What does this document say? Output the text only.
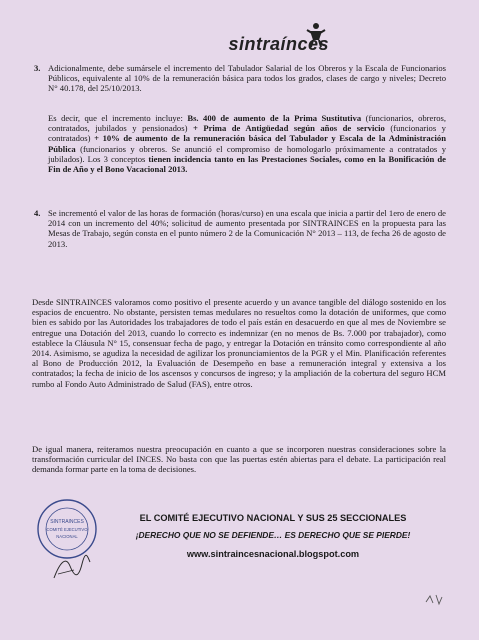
sintraínces
3. Adicionalmente, debe sumársele el incremento del Tabulador Salarial de los Obreros y la Escala de Funcionarios Públicos, equivalente al 10% de la remuneración básica para todos los grados, clases de cargo y niveles; Decreto N° 40.178, del 25/10/2013.
Es decir, que el incremento incluye: Bs. 400 de aumento de la Prima Sustitutiva (funcionarios, obreros, contratados, jubilados y pensionados) + Prima de Antigüedad según años de servicio (funcionarios y contratados) + 10% de aumento de la remuneración básica del Tabulador y Escala de la Administración Pública (funcionarios y obreros. Se anunció el compromiso de homologarlo próximamente a contratados y jubilados). Los 3 conceptos tienen incidencia tanto en las Prestaciones Sociales, como en la Bonificación de Fin de Año y el Bono Vacacional 2013.
4. Se incrementó el valor de las horas de formación (horas/curso) en una escala que inicia a partir del 1ero de enero de 2014 con un incremento del 40%; solicitud de aumento presentada por SINTRAINCES en la propuesta para las Mesas de Trabajo, según consta en el punto número 2 de la Comunicación N° 2013 – 113, de fecha 26 de agosto de 2013.
Desde SINTRAINCES valoramos como positivo el presente acuerdo y un avance tangible del diálogo sostenido en los espacios de encuentro. No obstante, persisten temas medulares no resueltos como la dotación de uniformes, que como bien es sabido por las Autoridades los trabajadores de todo el país están en desacuerdo en que al mes de Noviembre se entregue una Dotación del 2013, cuando lo correcto es indemnizar (en no menos de Bs. 7.000 por trabajador), como establece la Cláusula N° 15, consensuar fecha de pago, y entregar la Dotación en tránsito como correspondiente al año 2014. Asimismo, se agudiza la necesidad de agilizar los pronunciamientos de la PGR y el Min. Planificación referentes al Bono de Producción 2012, la Evaluación de Desempeño en base a remuneración integral y extensiva a los contratados; la fecha de inicio de los ascensos y concursos de ingreso; y la ampliación de la cobertura del seguro HCM rumbo al Fondo Auto Administrado de Salud (FAS), entre otros.
De igual manera, reiteramos nuestra preocupación en cuanto a que se incorporen nuestras consideraciones sobre la transformación curricular del INCES. No basta con que las puertas estén abiertas para el debate. La participación real demanda formar parte en la toma de decisiones.
SINTRAINCES
COMITÉ EJECUTIVO
NACIONAL
EL COMITÉ EJECUTIVO NACIONAL Y SUS 25 SECCIONALES
¡DERECHO QUE NO SE DEFIENDE… ES DERECHO QUE SE PIERDE!
www.sintraincesnacional.blogspot.com
